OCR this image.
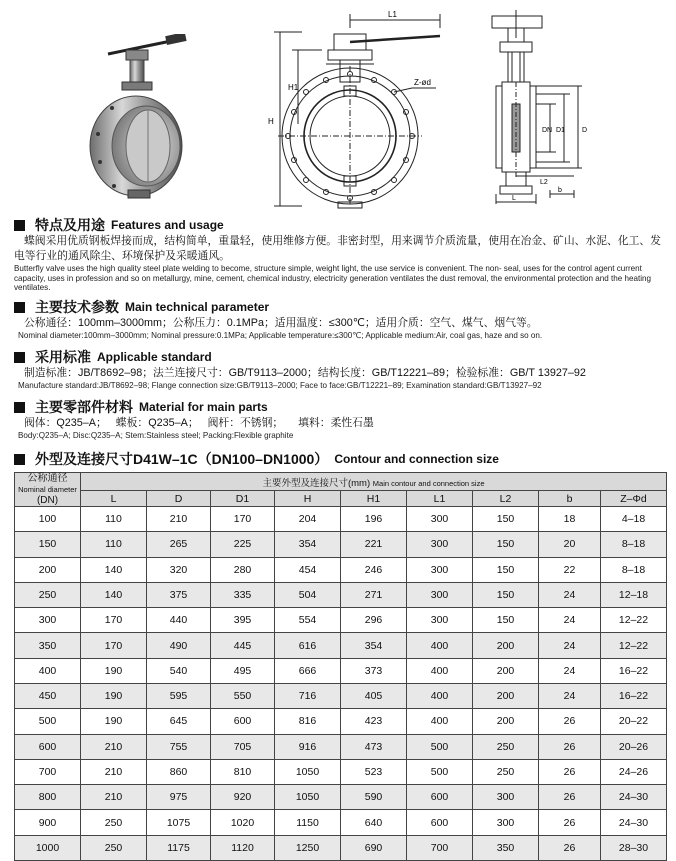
L1
H
H1
Z-ød
DN D1 D
L2
L
b
特点及用途 Features and usage
蝶阀采用优质钢板焊接而成，结构简单，重量轻，使用维修方便。非密封型，用来调节介质流量，使用在冶金、矿山、水泥、化工、发电等行业的通风除尘、环境保护及采暖通风。
Butterfly valve uses the high quality steel plate welding to become, structure simple, weight light, the use service is convenient. The non- seal, uses for the control agent current capacity, uses in profession and so on metallurgy, mine, cement, chemical industry, electricity generation ventilates the dust removal, the environmental protection and the heating ventilates.
主要技术参数 Main technical parameter
公称通径：100mm–3000mm；公称压力：0.1MPa；适用温度：≤300℃；适用介质：空气、煤气、烟气等。
Nominal diameter:100mm–3000mm; Nominal pressure:0.1MPa; Applicable temperature:≤300℃; Applicable medium:Air, coal gas, haze and so on.
采用标准 Applicable standard
制造标准：JB/T8692–98；法兰连接尺寸：GB/T9113–2000；结构长度：GB/T12221–89；检验标准：GB/T 13927–92
Manufacture standard:JB/T8692–98; Flange connection size:GB/T9113–2000; Face to face:GB/T12221–89; Examination standard:GB/T13927–92
主要零部件材料 Material for main parts
阀体：Q235–A；   蝶板：Q235–A；   阀杆：不锈钢；     填料：柔性石墨
Body:Q235–A; Disc:Q235–A; Stem:Stainless steel; Packing:Flexible graphite
外型及连接尺寸D41W–1C（DN100–DN1000） Contour and connection size
公称通径
Nominal diameter
(DN)	主要外型及连接尺寸(mm) Main contour and connection size								
	L	D	D1	H	H1	L1	L2	b	Z–Φd
100	110	210	170	204	196	300	150	18	4–18
150	110	265	225	354	221	300	150	20	8–18
200	140	320	280	454	246	300	150	22	8–18
250	140	375	335	504	271	300	150	24	12–18
300	170	440	395	554	296	300	150	24	12–22
350	170	490	445	616	354	400	200	24	12–22
400	190	540	495	666	373	400	200	24	16–22
450	190	595	550	716	405	400	200	24	16–22
500	190	645	600	816	423	400	200	26	20–22
600	210	755	705	916	473	500	250	26	20–26
700	210	860	810	1050	523	500	250	26	24–26
800	210	975	920	1050	590	600	300	26	24–30
900	250	1075	1020	1150	640	600	300	26	24–30
1000	250	1175	1120	1250	690	700	350	26	28–30
